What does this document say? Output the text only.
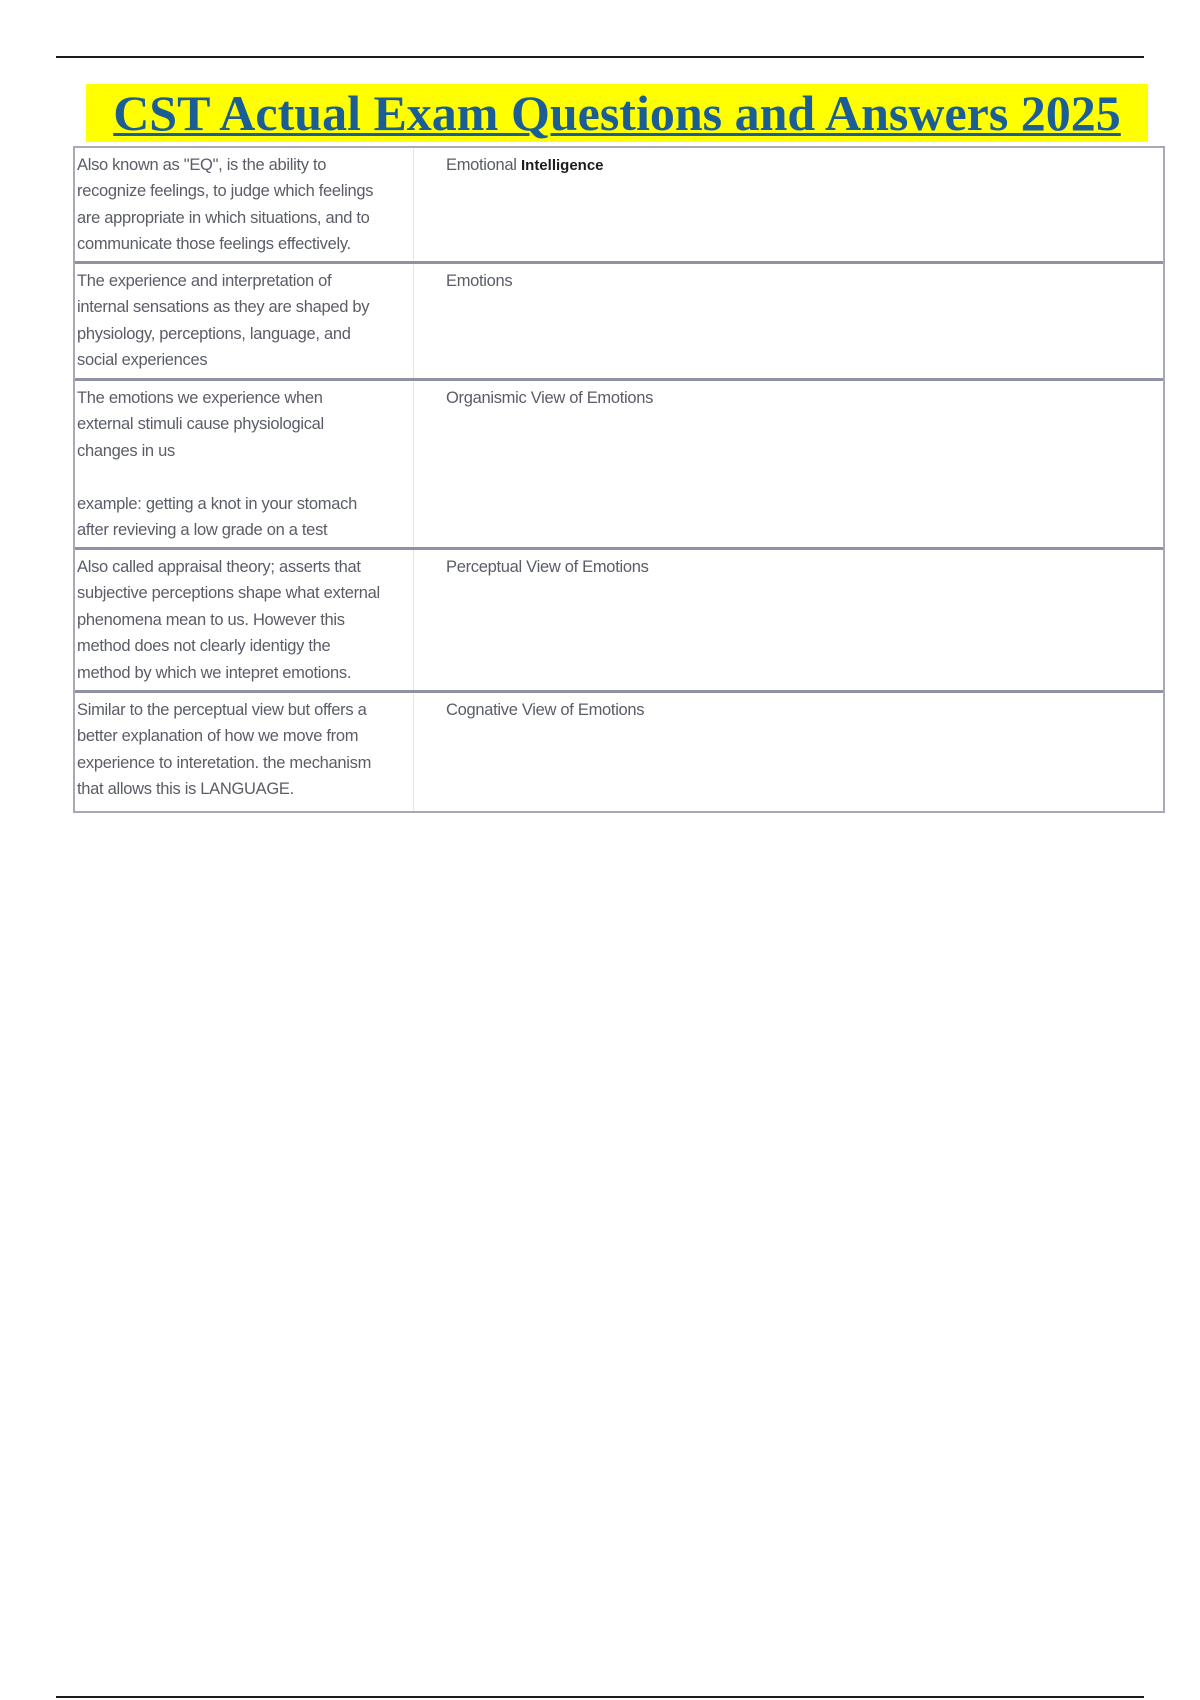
CST Actual Exam Questions and Answers 2025
Also known as "EQ", is the ability to
recognize feelings, to judge which feelings
are appropriate in which situations, and to
communicate those feelings effectively.
Emotional Intelligence
The experience and interpretation of
internal sensations as they are shaped by
physiology, perceptions, language, and
social experiences
Emotions
The emotions we experience when
external stimuli cause physiological
changes in us

example: getting a knot in your stomach
after revieving a low grade on a test
Organismic View of Emotions
Also called appraisal theory; asserts that
subjective perceptions shape what external
phenomena mean to us. However this
method does not clearly identigy the
method by which we intepret emotions.
Perceptual View of Emotions
Similar to the perceptual view but offers a
better explanation of how we move from
experience to interetation. the mechanism
that allows this is LANGUAGE.
Cognative View of Emotions
